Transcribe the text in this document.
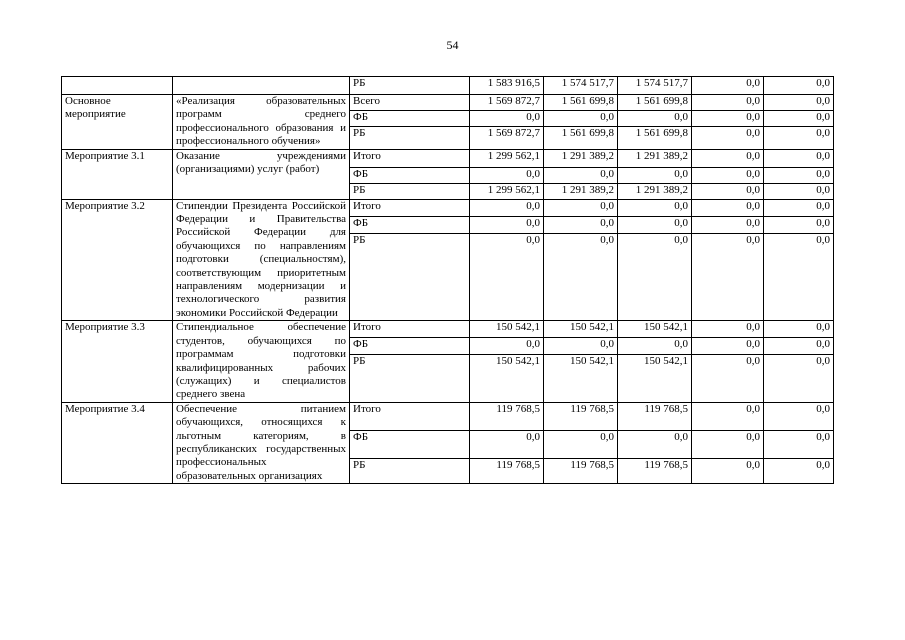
54
		РБ	1 583 916,5	1 574 517,7	1 574 517,7	0,0	0,0
Основное мероприятие	«Реализация образовательных программ среднего профессионального образования и профессионального обучения»	Всего	1 569 872,7	1 561 699,8	1 561 699,8	0,0	0,0
		ФБ	0,0	0,0	0,0	0,0	0,0
		РБ	1 569 872,7	1 561 699,8	1 561 699,8	0,0	0,0
Мероприятие 3.1	Оказание учреждениями (организациями) услуг (работ)	Итого	1 299 562,1	1 291 389,2	1 291 389,2	0,0	0,0
		ФБ	0,0	0,0	0,0	0,0	0,0
		РБ	1 299 562,1	1 291 389,2	1 291 389,2	0,0	0,0
Мероприятие 3.2	Стипендии Президента Российской Федерации и Правительства Российской Федерации для обучающихся по направлениям подготовки (специальностям), соответствующим приоритетным направлениям модернизации и технологического развития экономики Российской Федерации	Итого	0,0	0,0	0,0	0,0	0,0
		ФБ	0,0	0,0	0,0	0,0	0,0
		РБ	0,0	0,0	0,0	0,0	0,0
Мероприятие 3.3	Стипендиальное обеспечение студентов, обучающихся по программам подготовки квалифицированных рабочих (служащих) и специалистов среднего звена	Итого	150 542,1	150 542,1	150 542,1	0,0	0,0
		ФБ	0,0	0,0	0,0	0,0	0,0
		РБ	150 542,1	150 542,1	150 542,1	0,0	0,0
Мероприятие 3.4	Обеспечение питанием обучающихся, относящихся к льготным категориям, в республиканских государственных профессиональных образовательных организациях	Итого	119 768,5	119 768,5	119 768,5	0,0	0,0
		ФБ	0,0	0,0	0,0	0,0	0,0
		РБ	119 768,5	119 768,5	119 768,5	0,0	0,0
